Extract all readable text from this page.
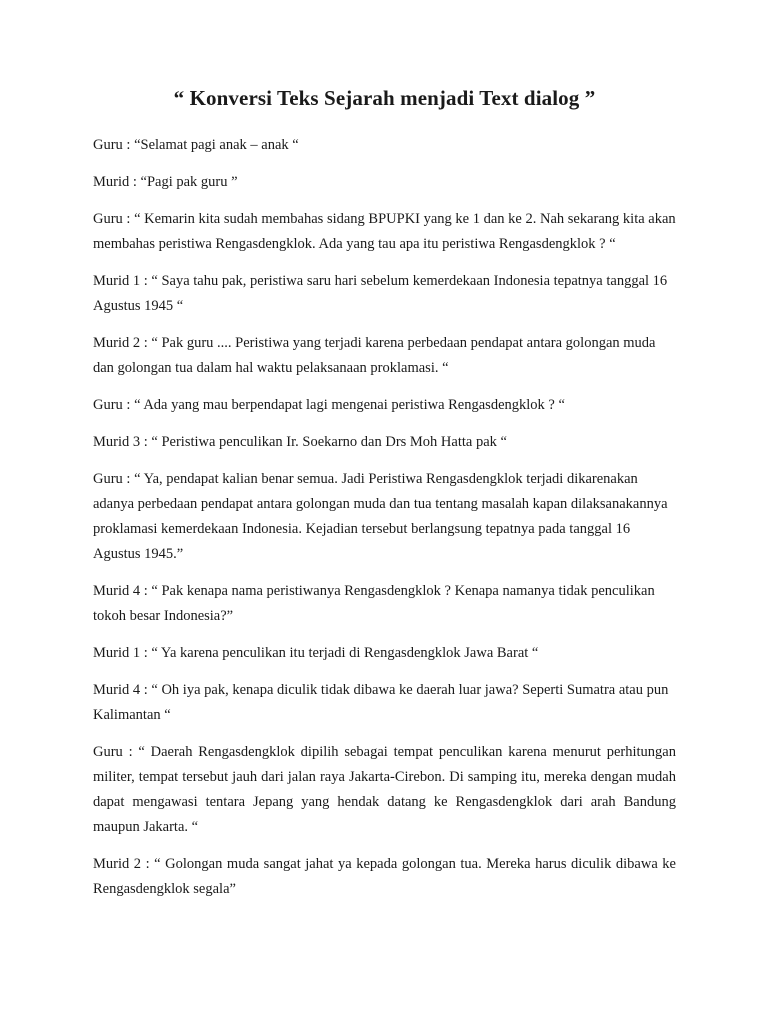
“ Konversi Teks Sejarah menjadi Text dialog ”

Guru : “Selamat pagi anak – anak “

Murid : “Pagi pak guru ”

Guru : “ Kemarin kita sudah membahas sidang BPUPKI yang ke 1 dan ke 2. Nah sekarang kita akan membahas peristiwa Rengasdengklok. Ada yang tau apa itu peristiwa Rengasdengklok ? “

Murid 1 : “ Saya tahu pak, peristiwa saru hari sebelum kemerdekaan Indonesia tepatnya tanggal 16 Agustus 1945 “

Murid 2 : “ Pak guru .... Peristiwa yang terjadi karena perbedaan pendapat antara golongan muda dan golongan tua dalam hal waktu pelaksanaan proklamasi. “

Guru : “ Ada yang mau berpendapat lagi mengenai peristiwa Rengasdengklok ? “

Murid 3 : “ Peristiwa penculikan Ir. Soekarno dan Drs Moh Hatta pak “

Guru : “ Ya, pendapat kalian benar semua. Jadi Peristiwa Rengasdengklok terjadi dikarenakan adanya perbedaan pendapat antara golongan muda dan tua tentang masalah kapan dilaksanakannya proklamasi kemerdekaan Indonesia. Kejadian tersebut berlangsung tepatnya pada tanggal 16 Agustus 1945.”

Murid 4 : “ Pak kenapa nama peristiwanya Rengasdengklok ? Kenapa namanya tidak penculikan tokoh besar Indonesia?”

Murid 1 : “ Ya karena penculikan itu terjadi di Rengasdengklok Jawa Barat “

Murid 4 : “ Oh iya pak, kenapa diculik tidak dibawa ke daerah luar jawa? Seperti Sumatra atau pun Kalimantan “

Guru : “ Daerah Rengasdengklok dipilih sebagai tempat penculikan karena menurut perhitungan militer, tempat tersebut jauh dari jalan raya Jakarta-Cirebon. Di samping itu, mereka dengan mudah dapat mengawasi tentara Jepang yang hendak datang ke Rengasdengklok dari arah Bandung maupun Jakarta. “

Murid 2 : “ Golongan muda sangat jahat ya kepada golongan tua. Mereka harus diculik dibawa ke Rengasdengklok segala”
